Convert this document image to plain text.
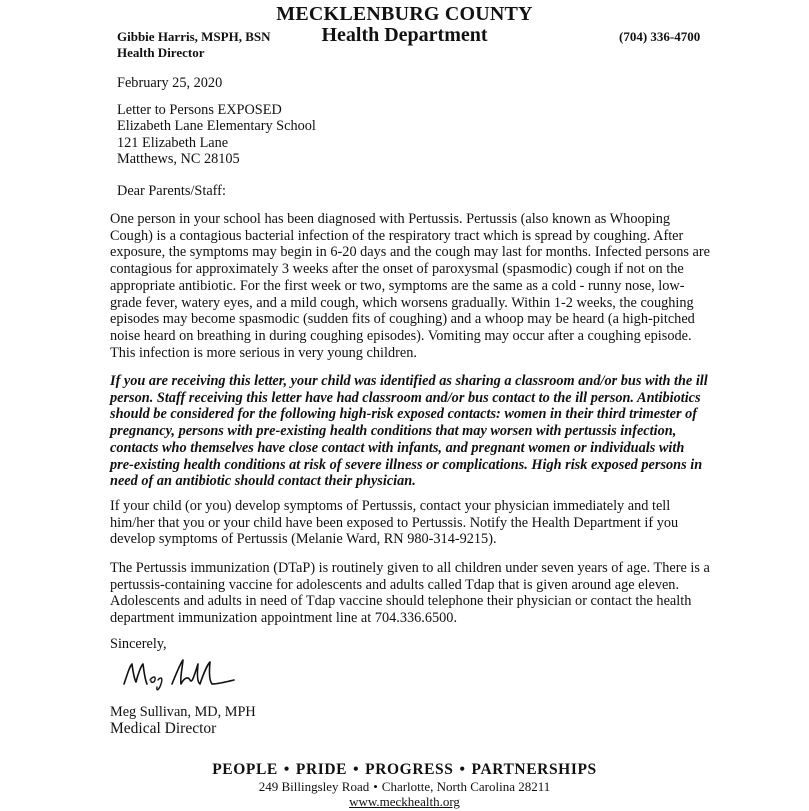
MECKLENBURG COUNTY
Health Department
Gibbie Harris, MSPH, BSN
Health Director
(704) 336-4700
February 25, 2020
Letter to Persons EXPOSED
Elizabeth Lane Elementary School
121 Elizabeth Lane
Matthews, NC 28105
Dear Parents/Staff:
One person in your school has been diagnosed with Pertussis. Pertussis (also known as Whooping Cough) is a contagious bacterial infection of the respiratory tract which is spread by coughing. After exposure, the symptoms may begin in 6-20 days and the cough may last for months. Infected persons are contagious for approximately 3 weeks after the onset of paroxysmal (spasmodic) cough if not on the appropriate antibiotic. For the first week or two, symptoms are the same as a cold - runny nose, low-grade fever, watery eyes, and a mild cough, which worsens gradually. Within 1-2 weeks, the coughing episodes may become spasmodic (sudden fits of coughing) and a whoop may be heard (a high-pitched noise heard on breathing in during coughing episodes). Vomiting may occur after a coughing episode. This infection is more serious in very young children.
If you are receiving this letter, your child was identified as sharing a classroom and/or bus with the ill person. Staff receiving this letter have had classroom and/or bus contact to the ill person. Antibiotics should be considered for the following high-risk exposed contacts: women in their third trimester of pregnancy, persons with pre-existing health conditions that may worsen with pertussis infection, contacts who themselves have close contact with infants, and pregnant women or individuals with pre-existing health conditions at risk of severe illness or complications. High risk exposed persons in need of an antibiotic should contact their physician.
If your child (or you) develop symptoms of Pertussis, contact your physician immediately and tell him/her that you or your child have been exposed to Pertussis. Notify the Health Department if you develop symptoms of Pertussis (Melanie Ward, RN 980-314-9215).
The Pertussis immunization (DTaP) is routinely given to all children under seven years of age. There is a pertussis-containing vaccine for adolescents and adults called Tdap that is given around age eleven. Adolescents and adults in need of Tdap vaccine should telephone their physician or contact the health department immunization appointment line at 704.336.6500.
Sincerely,
Meg Sullivan, MD, MPH
Medical Director
PEOPLE • PRIDE • PROGRESS • PARTNERSHIPS
249 Billingsley Road • Charlotte, North Carolina 28211
www.meckhealth.org
